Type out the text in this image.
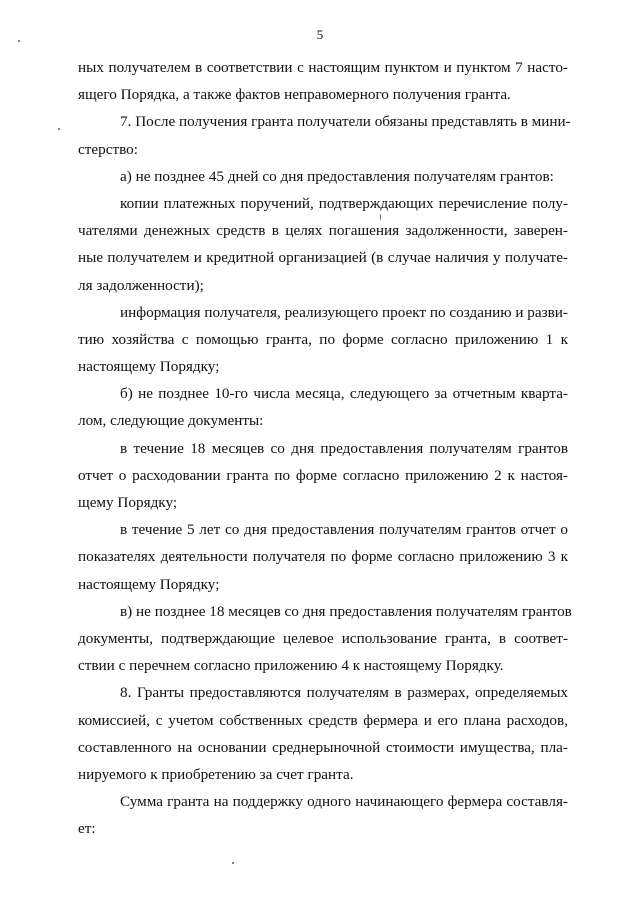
5
ных получателем в соответствии с настоящим пунктом и пунктом 7 насто-
ящего Порядка, а также фактов неправомерного получения гранта.
7. После получения гранта получатели обязаны представлять в мини-
стерство:
а) не позднее 45 дней со дня предоставления получателям грантов:
копии платежных поручений, подтверждающих перечисление полу-
чателями денежных средств в целях погашения задолженности, заверен-
ные получателем и кредитной организацией (в случае наличия у получате-
ля задолженности);
информация получателя, реализующего проект по созданию и разви-
тию хозяйства с помощью гранта, по форме согласно приложению 1 к
настоящему Порядку;
б) не позднее 10-го числа месяца, следующего за отчетным кварта-
лом, следующие документы:
в течение 18 месяцев со дня предоставления получателям грантов
отчет о расходовании гранта по форме согласно приложению 2 к настоя-
щему Порядку;
в течение 5 лет со дня предоставления получателям грантов отчет о
показателях деятельности получателя по форме согласно приложению 3 к
настоящему Порядку;
в) не позднее 18 месяцев со дня предоставления получателям грантов
документы, подтверждающие целевое использование гранта, в соответ-
ствии с перечнем согласно приложению 4 к настоящему Порядку.
8. Гранты предоставляются получателям в размерах, определяемых
комиссией, с учетом собственных средств фермера и его плана расходов,
составленного на основании среднерыночной стоимости имущества, пла-
нируемого к приобретению за счет гранта.
Сумма гранта на поддержку одного начинающего фермера составля-
ет:
